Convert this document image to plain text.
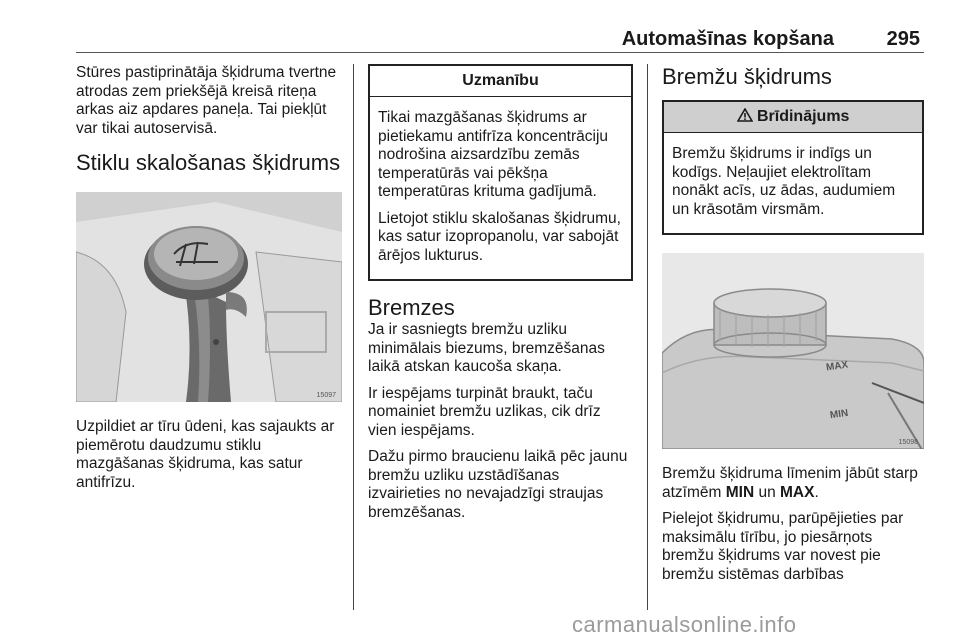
Automašīnas kopšana	295

Stūres pastiprinātāja šķidruma tvertne atrodas zem priekšējā kreisā riteņa arkas aiz apdares paneļa. Tai piekļūt var tikai autoservisā.

Stiklu skalošanas šķidrums
15097

Uzpildiet ar tīru ūdeni, kas sajaukts ar piemērotu daudzumu stiklu mazgāšanas šķidruma, kas satur antifrīzu.

Uzmanību

Tikai mazgāšanas šķidrums ar pietiekamu antifrīza koncentrāciju nodrošina aizsardzību zemās temperatūrās vai pēkšņa temperatūras krituma gadījumā.

Lietojot stiklu skalošanas šķidrumu, kas satur izopropanolu, var sabojāt ārējos lukturus.

Bremzes

Ja ir sasniegts bremžu uzliku minimālais biezums, bremzēšanas laikā atskan kaucoša skaņa.

Ir iespējams turpināt braukt, taču nomainiet bremžu uzlikas, cik drīz vien iespējams.

Dažu pirmo braucienu laikā pēc jaunu bremžu uzliku uzstādīšanas izvairieties no nevajadzīgi straujas bremzēšanas.

Bremžu šķidrums
Brīdinājums

Bremžu šķidrums ir indīgs un kodīgs. Neļaujiet elektrolītam nonākt acīs, uz ādas, audumiem un krāsotām virsmām.

MAX
MIN
15098

Bremžu šķidruma līmenim jābūt starp atzīmēm MIN un MAX.

Pielejot šķidrumu, parūpējieties par maksimālu tīrību, jo piesārņots bremžu šķidrums var novest pie bremžu sistēmas darbības

carmanualsonline.info
